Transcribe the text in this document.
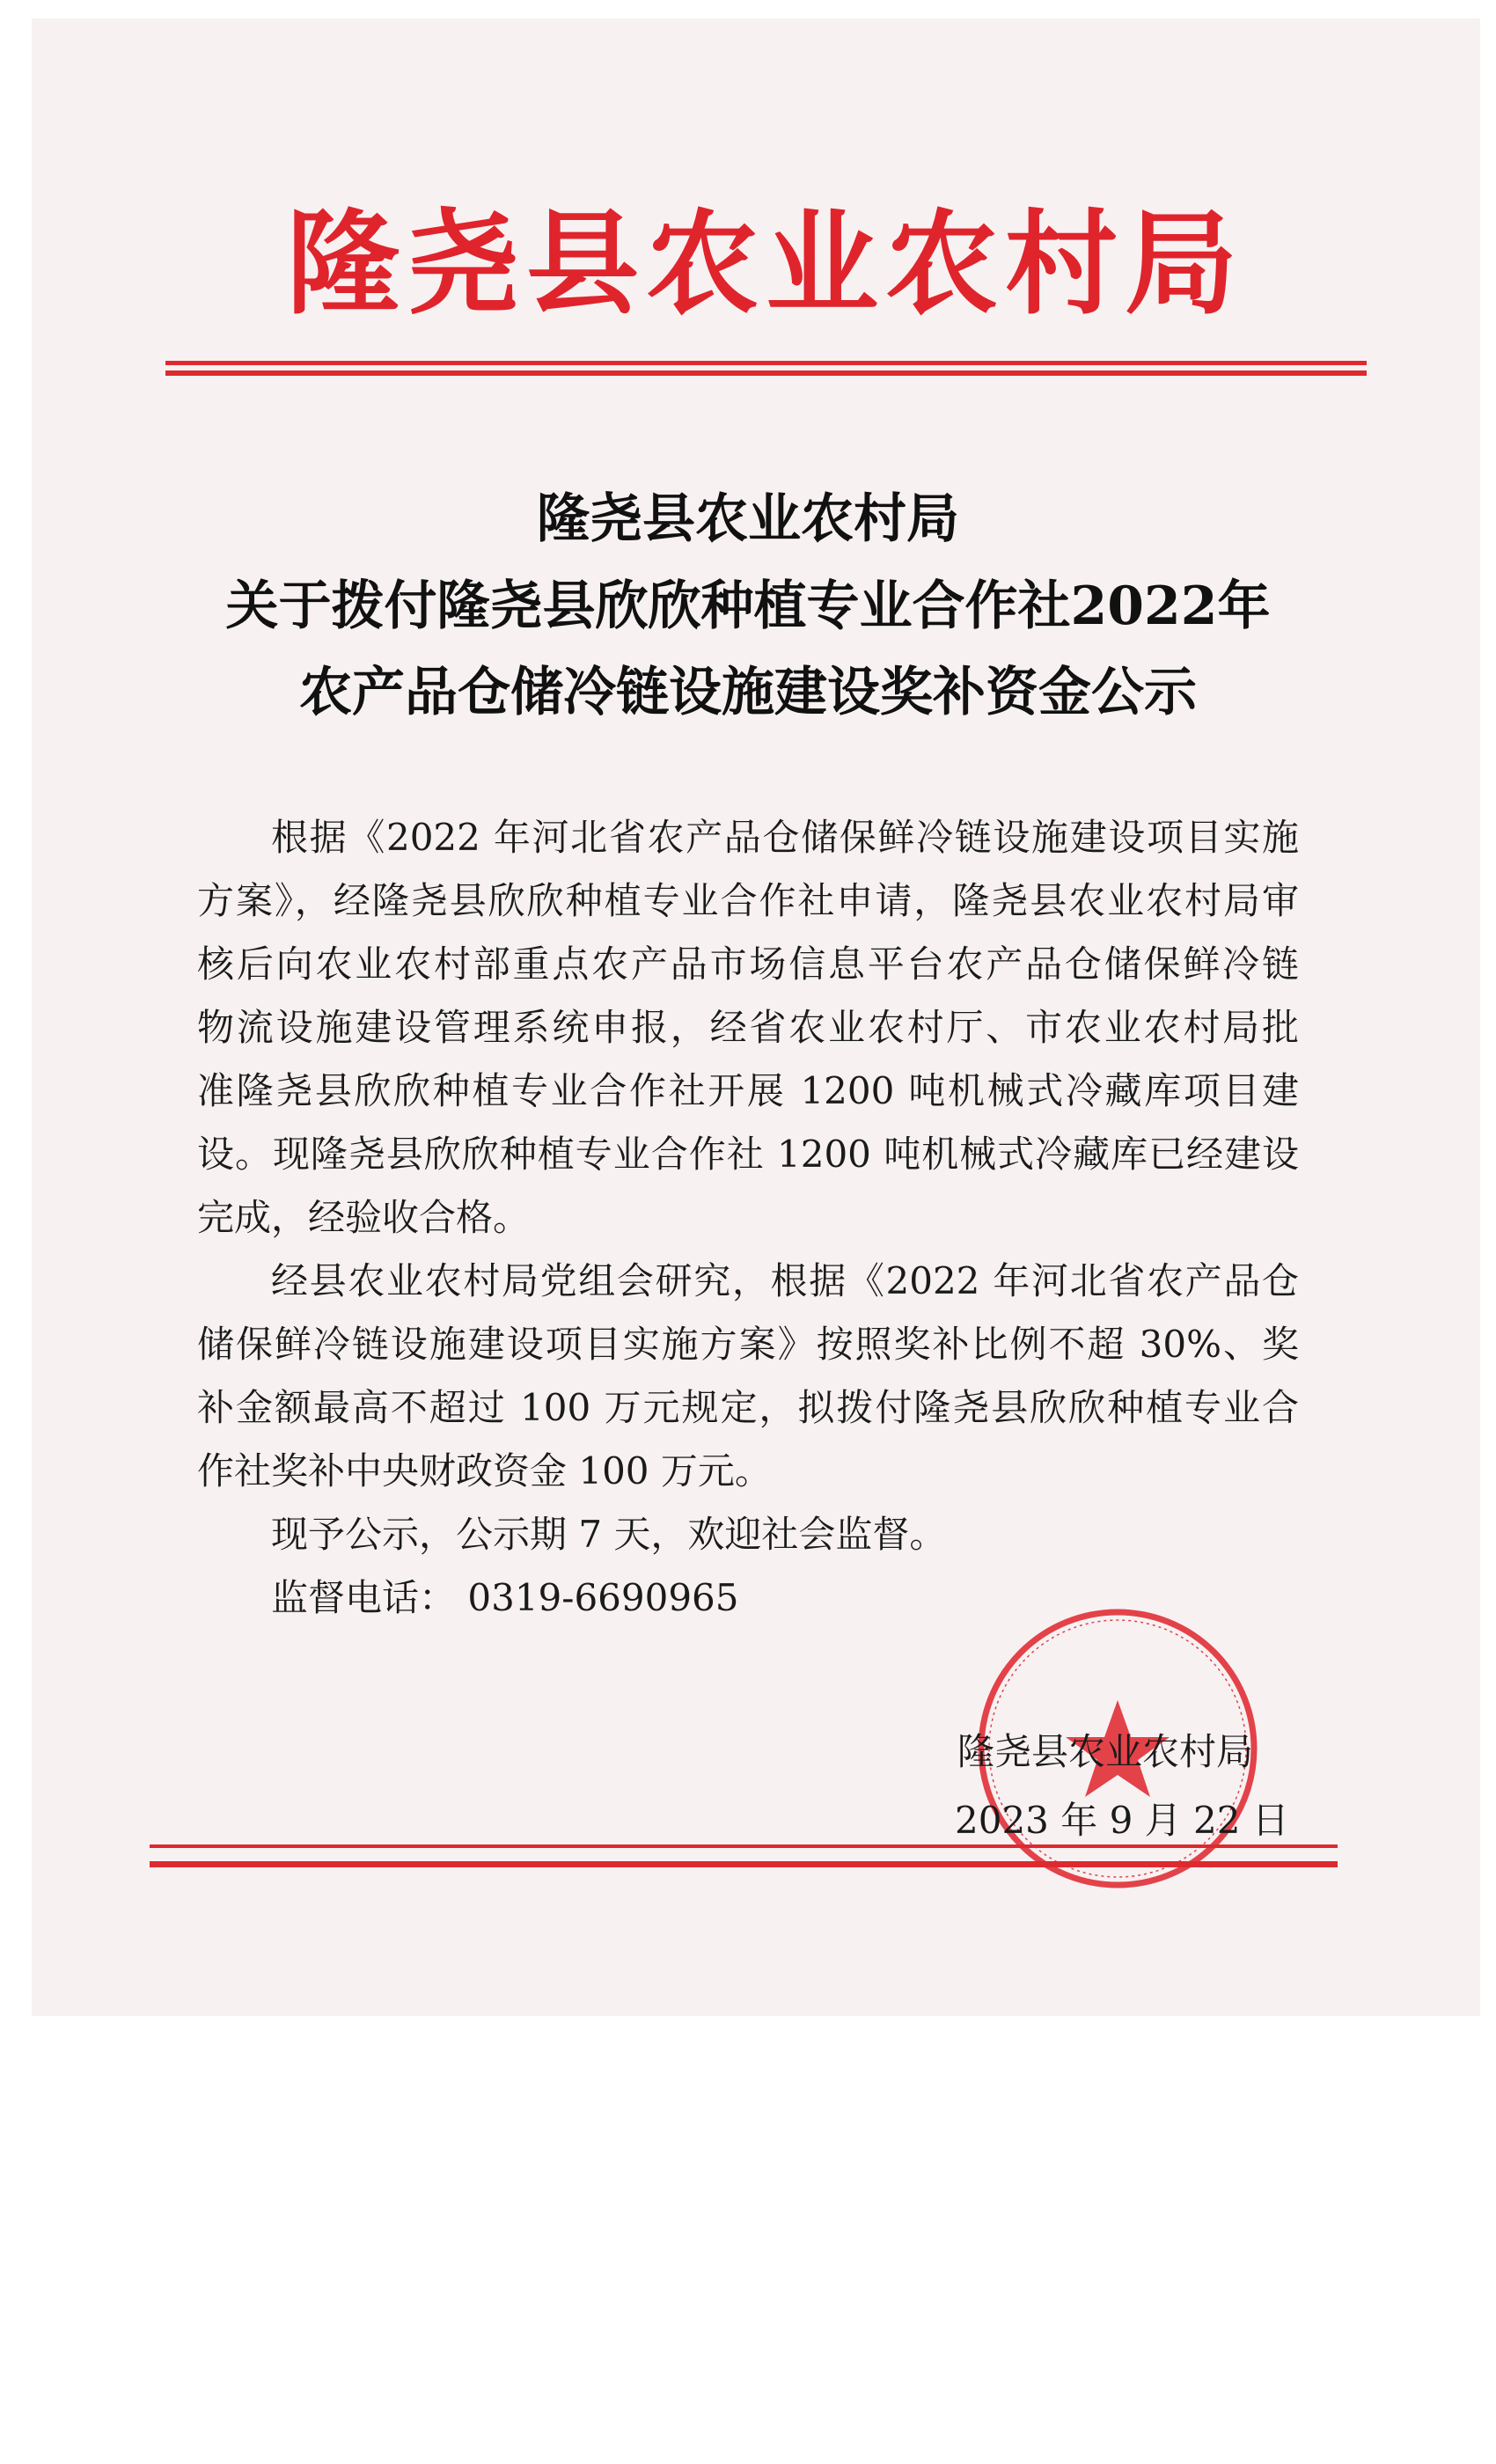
隆尧县农业农村局
隆尧县农业农村局
关于拨付隆尧县欣欣种植专业合作社2022年
农产品仓储冷链设施建设奖补资金公示
根据《2022 年河北省农产品仓储保鲜冷链设施建设项目实施
方案》，经隆尧县欣欣种植专业合作社申请，隆尧县农业农村局审
核后向农业农村部重点农产品市场信息平台农产品仓储保鲜冷链
物流设施建设管理系统申报，经省农业农村厅、市农业农村局批
准隆尧县欣欣种植专业合作社开展 1200 吨机械式冷藏库项目建
设。现隆尧县欣欣种植专业合作社 1200 吨机械式冷藏库已经建设
完成，经验收合格。
经县农业农村局党组会研究，根据《2022 年河北省农产品仓
储保鲜冷链设施建设项目实施方案》按照奖补比例不超 30%、奖
补金额最高不超过 100 万元规定，拟拨付隆尧县欣欣种植专业合
作社奖补中央财政资金 100 万元。
现予公示，公示期 7 天，欢迎社会监督。
监督电话： 0319-6690965
隆尧县农业农村局
2023 年 9 月 22 日
